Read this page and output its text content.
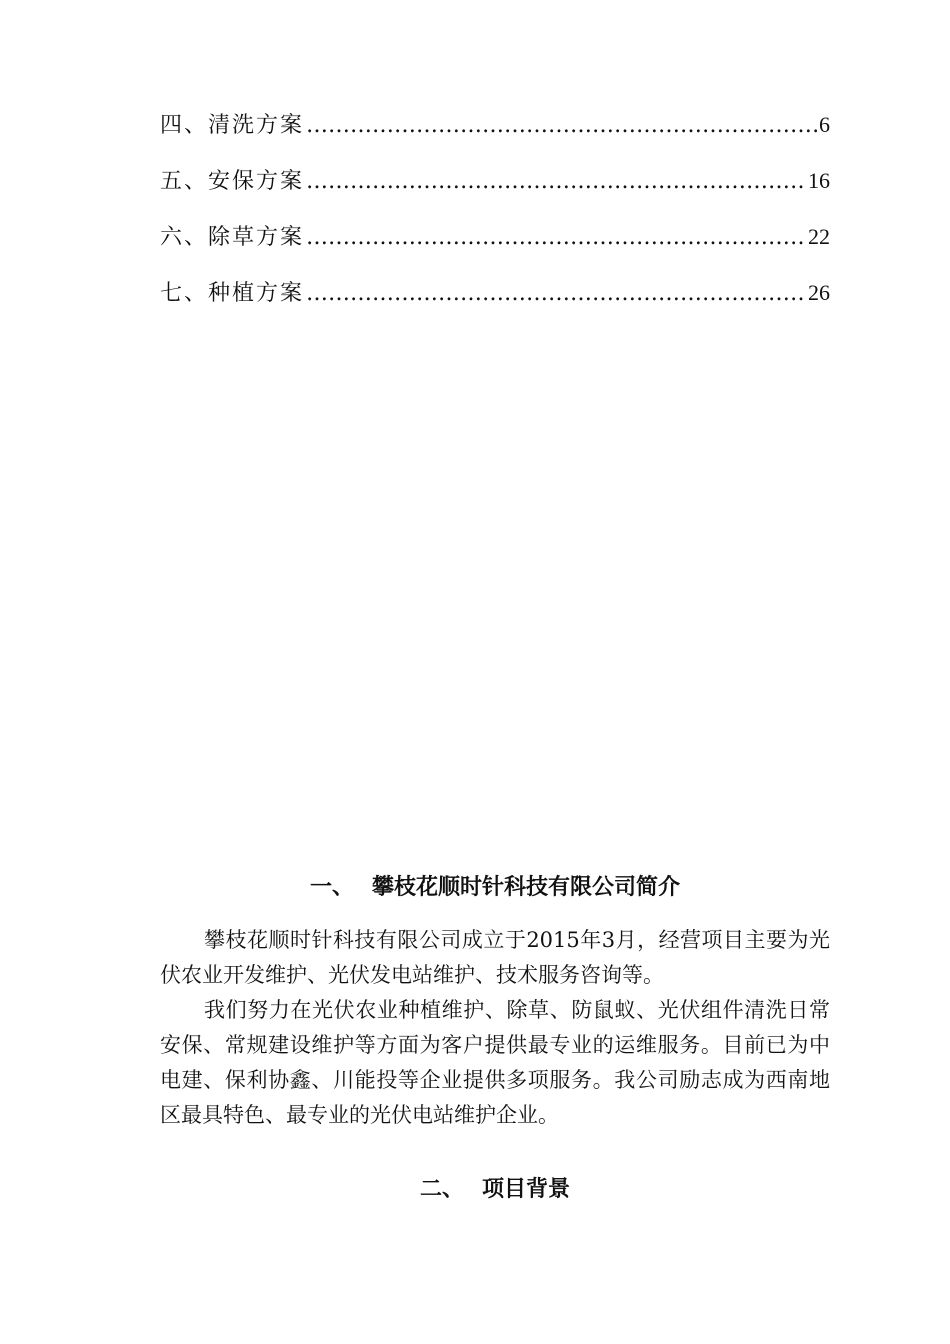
四、清洗方案 ……………………………………………………………………………………………………………………	6
五、安保方案 ……………………………………………………………………………………………………………………	16
六、除草方案 ……………………………………………………………………………………………………………………	22
七、种植方案 ……………………………………………………………………………………………………………………	26
一、 攀枝花顺时针科技有限公司简介

攀枝花顺时针科技有限公司成立于2015年3月，经营项目主要为光伏农业开发维护、光伏发电站维护、技术服务咨询等。

我们努力在光伏农业种植维护、除草、防鼠蚁、光伏组件清洗日常安保、常规建设维护等方面为客户提供最专业的运维服务。目前已为中电建、保利协鑫、川能投等企业提供多项服务。我公司励志成为西南地区最具特色、最专业的光伏电站维护企业。

二、 项目背景
